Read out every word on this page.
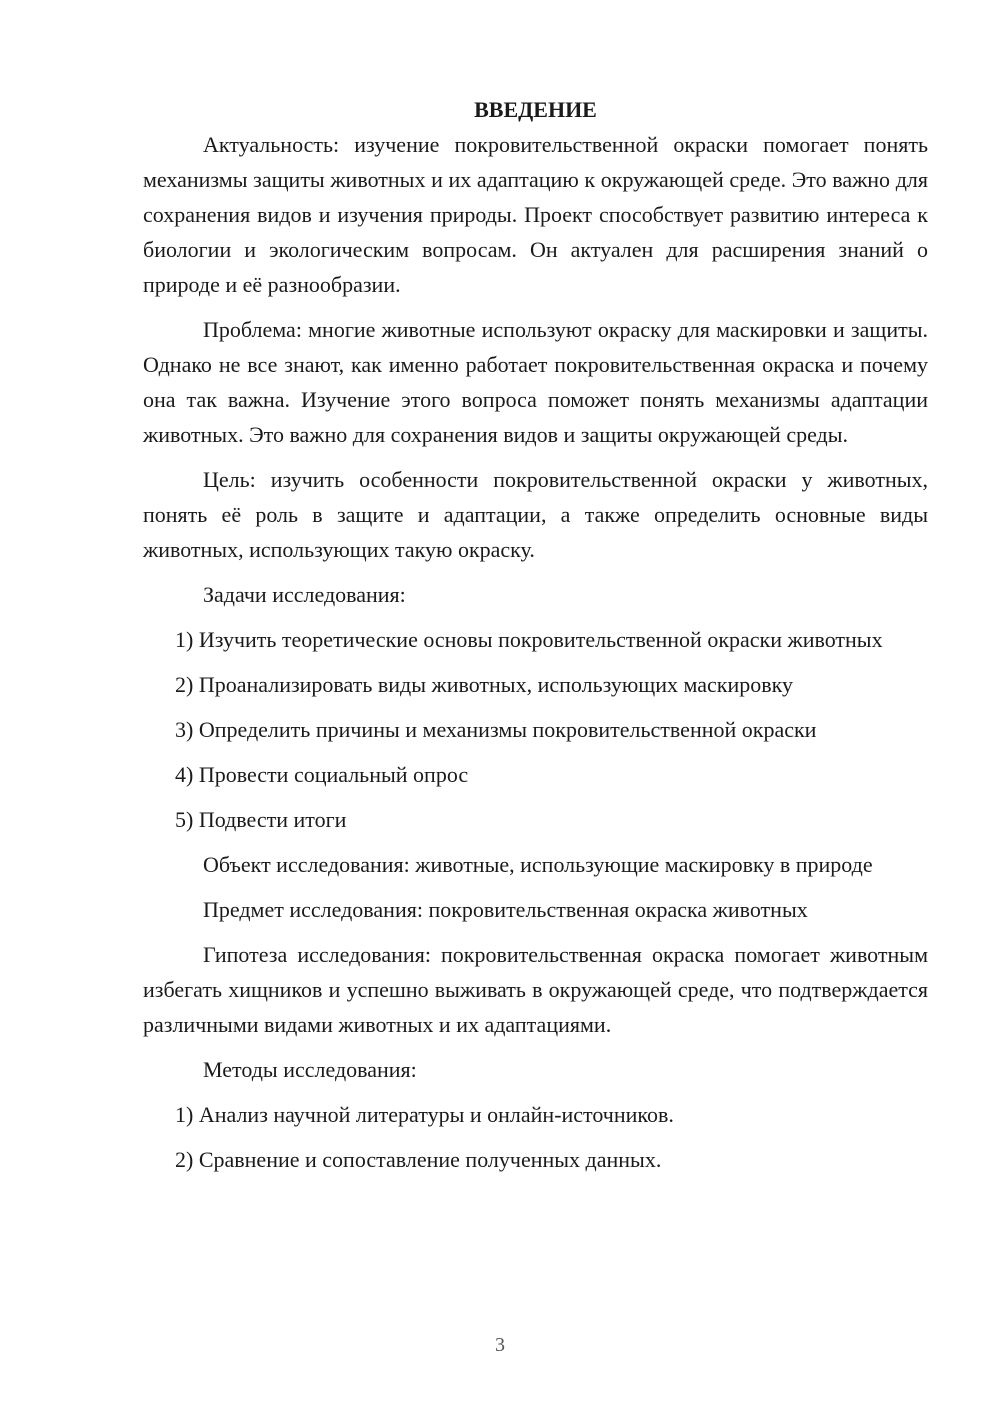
ВВЕДЕНИЕ

Актуальность: изучение покровительственной окраски помогает понять механизмы защиты животных и их адаптацию к окружающей среде. Это важно для сохранения видов и изучения природы. Проект способствует развитию интереса к биологии и экологическим вопросам. Он актуален для расширения знаний о природе и её разнообразии.

Проблема: многие животные используют окраску для маскировки и защиты. Однако не все знают, как именно работает покровительственная окраска и почему она так важна. Изучение этого вопроса поможет понять механизмы адаптации животных. Это важно для сохранения видов и защиты окружающей среды.

Цель: изучить особенности покровительственной окраски у животных, понять её роль в защите и адаптации, а также определить основные виды животных, использующих такую окраску.

Задачи исследования:

1) Изучить теоретические основы покровительственной окраски животных

2) Проанализировать виды животных, использующих маскировку

3) Определить причины и механизмы покровительственной окраски

4) Провести социальный опрос

5) Подвести итоги

Объект исследования: животные, использующие маскировку в природе

Предмет исследования: покровительственная окраска животных

Гипотеза исследования: покровительственная окраска помогает животным избегать хищников и успешно выживать в окружающей среде, что подтверждается различными видами животных и их адаптациями.

Методы исследования:

1) Анализ научной литературы и онлайн-источников.

2) Сравнение и сопоставление полученных данных.

3
